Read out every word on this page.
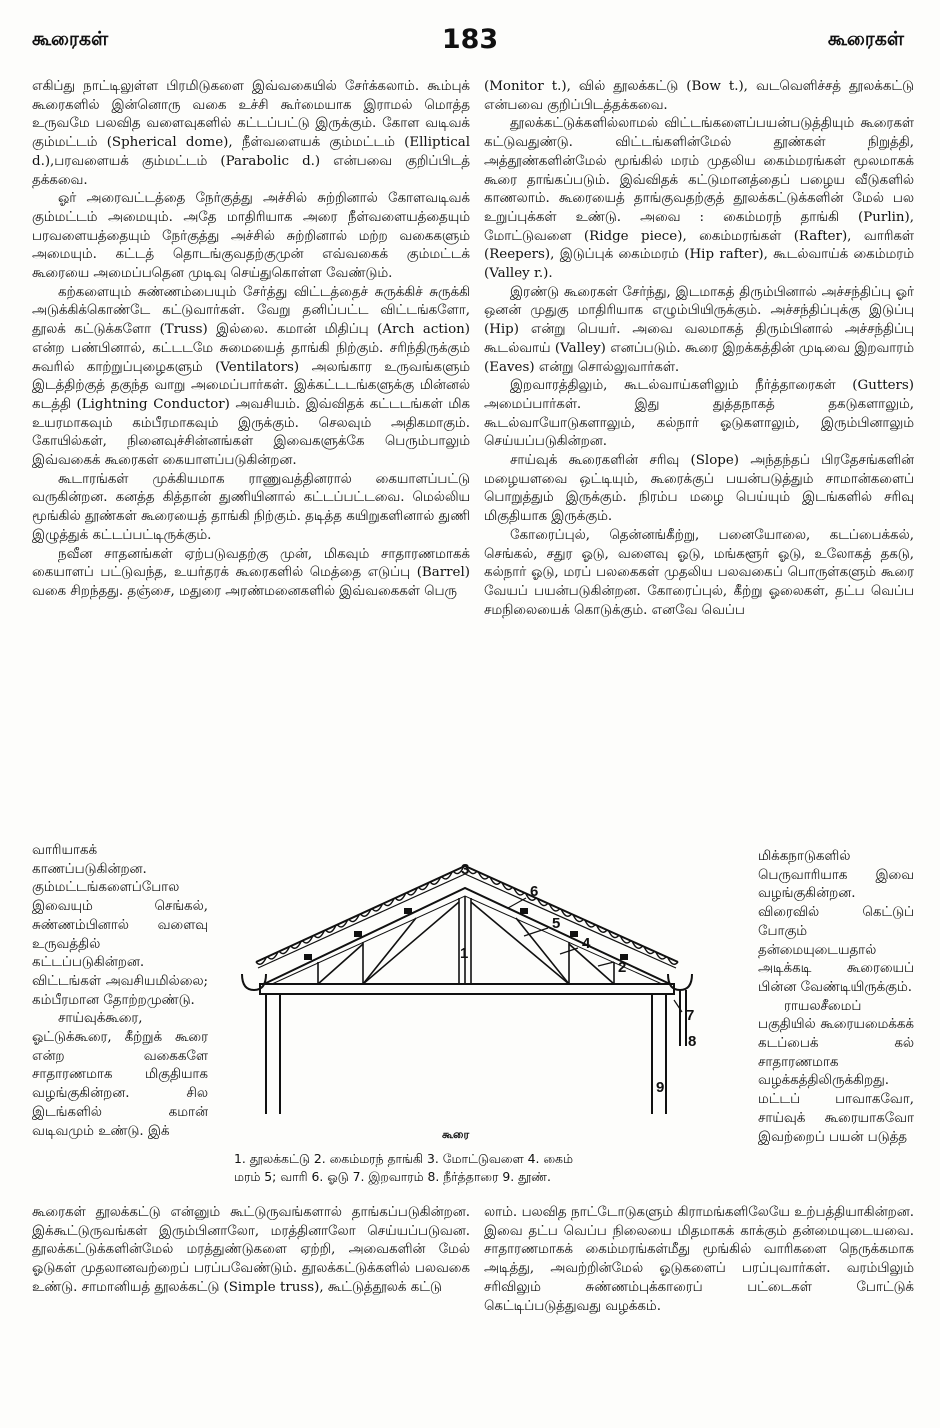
கூரைகள்	183	கூரைகள்

எகிப்து நாட்டிலுள்ள பிரமிடுகளை இவ்வகையில் சேர்க்கலாம். கூம்புக் கூரைகளில் இன்னொரு வகை உச்சி கூர்மையாக இராமல் மொத்த உருவமே பலவித வளைவுகளில் கட்டப்பட்டு இருக்கும். கோள வடிவக் கும்மட்டம் (Spherical dome), நீள்வளையக் கும்மட்டம் (Elliptical d.),பரவளையக் கும்மட்டம் (Parabolic d.) என்பவை குறிப்பிடத் தக்கவை.

ஓர் அரைவட்டத்தை நேர்குத்து அச்சில் சுற்றினால் கோளவடிவக் கும்மட்டம் அமையும். அதே மாதிரியாக அரை நீள்வளையத்தையும் பரவளையத்தையும் நேர்குத்து அச்சில் சுற்றினால் மற்ற வகைகளும் அமையும். கட்டத் தொடங்குவதற்குமுன் எவ்வகைக் கும்மட்டக் கூரையை அமைப்பதென முடிவு செய்துகொள்ள வேண்டும்.

கற்களையும் சுண்ணம்பையும் சேர்த்து விட்டத்தைச் சுருக்கிச் சுருக்கி அடுக்கிக்கொண்டே கட்டுவார்கள். வேறு தனிப்பட்ட விட்டங்களோ, தூலக் கட்டுக்களோ (Truss) இல்லை. கமான் மிதிப்பு (Arch action) என்ற பண்பினால், கட்டடமே சுமையைத் தாங்கி நிற்கும். சரிந்திருக்கும் சுவரில் காற்றுப்புழைகளும் (Ventilators) அலங்கார உருவங்களும் இடத்திற்குத் தகுந்த வாறு அமைப்பார்கள். இக்கட்டடங்களுக்கு மின்னல் கடத்தி (Lightning Conductor) அவசியம். இவ்விதக் கட்டடங்கள் மிக உயரமாகவும் கம்பீரமாகவும் இருக்கும். செலவும் அதிகமாகும். கோயில்கள், நினைவுச்சின்னங்கள் இவைகளுக்கே பெரும்பாலும் இவ்வகைக் கூரைகள் கையாளப்படுகின்றன.

கூடாரங்கள் முக்கியமாக ராணுவத்தினரால் கையாளப்பட்டு வருகின்றன. கனத்த கித்தான் துணியினால் கட்டப்பட்டவை. மெல்லிய மூங்கில் தூண்கள் கூரையைத் தாங்கி நிற்கும். தடித்த கயிறுகளினால் துணி இழுத்துக் கட்டப்பட்டிருக்கும்.

நவீன சாதனங்கள் ஏற்படுவதற்கு முன், மிகவும் சாதாரணமாகக் கையாளப் பட்டுவந்த, உயர்தரக் கூரைகளில் மெத்தை எடுப்பு (Barrel) வகை சிறந்தது. தஞ்சை, மதுரை அரண்மனைகளில் இவ்வகைகள் பெரு

(Monitor t.), வில் தூலக்கட்டு (Bow t.), வடவெளிச்சத் தூலக்கட்டு என்பவை குறிப்பிடத்தக்கவை.

தூலக்கட்டுக்களில்லாமல் விட்டங்களைப்பயன்படுத்தியும் கூரைகள் கட்டுவதுண்டு. விட்டங்களின்மேல் தூண்கள் நிறுத்தி, அத்தூண்களின்மேல் மூங்கில் மரம் முதலிய கைம்மரங்கள் மூலமாகக் கூரை தாங்கப்படும். இவ்விதக் கட்டுமானத்தைப் பழைய வீடுகளில் காணலாம். கூரையைத் தாங்குவதற்குத் தூலக்கட்டுக்களின் மேல் பல உறுப்புக்கள் உண்டு. அவை : கைம்மரந் தாங்கி (Purlin), மோட்டுவளை (Ridge piece), கைம்மரங்கள் (Rafter), வாரிகள் (Reepers), இடுப்புக் கைம்மரம் (Hip rafter), கூடல்வாய்க் கைம்மரம் (Valley r.).

இரண்டு கூரைகள் சேர்ந்து, இடமாகத் திரும்பினால் அச்சந்திப்பு ஓர் ஒனன் முதுகு மாதிரியாக எழும்பியிருக்கும். அச்சந்திப்புக்கு இடுப்பு (Hip) என்று பெயர். அவை வலமாகத் திரும்பினால் அச்சந்திப்பு கூடல்வாய் (Valley) எனப்படும். கூரை இறக்கத்தின் முடிவை இறவாரம் (Eaves) என்று சொல்லுவார்கள்.

இறவாரத்திலும், கூடல்வாய்களிலும் நீர்த்தாரைகள் (Gutters) அமைப்பார்கள். இது துத்தநாகத் தகடுகளாலும், கூடல்வாயோடுகளாலும், கல்நார் ஓடுகளாலும், இரும்பினாலும் செய்யப்படுகின்றன.

சாய்வுக் கூரைகளின் சரிவு (Slope) அந்தந்தப் பிரதேசங்களின் மழையளவை ஒட்டியும், கூரைக்குப் பயன்படுத்தும் சாமான்களைப் பொறுத்தும் இருக்கும். நிரம்ப மழை பெய்யும் இடங்களில் சரிவு மிகுதியாக இருக்கும்.

கோரைப்புல், தென்னங்கீற்று, பனையோலை, கடப்பைக்கல், செங்கல், சதுர ஓடு, வளைவு ஓடு, மங்களூர் ஓடு, உலோகத் தகடு, கல்நார் ஓடு, மரப் பலகைகள் முதலிய பலவகைப் பொருள்களும் கூரை வேயப் பயன்படுகின்றன. கோரைப்புல், கீற்று ஓலைகள், தட்ப வெப்ப சமநிலையைக் கொடுக்கும். எனவே வெப்ப

வாரியாகக் காணப்படுகின்றன. கும்மட்டங்களைப்போல இவையும் செங்கல், சுண்ணம்பினால் வளைவு உருவத்தில் கட்டப்படுகின்றன. விட்டங்கள் அவசியமில்லை; கம்பீரமான தோற்றமுண்டு.

சாய்வுக்கூரை, ஓட்டுக்கூரை, கீற்றுக் கூரை என்ற வகைகளே சாதாரணமாக மிகுதியாக வழங்குகின்றன. சில இடங்களில் கமான் வடிவமும் உண்டு. இக்

மிக்கநாடுகளில் பெருவாரியாக இவை வழங்குகின்றன. விரைவில் கெட்டுப் போகும் தன்மையுடையதால் அடிக்கடி கூரையைப் பின்ன வேண்டியிருக்கும்.

ராயலசீமைப் பகுதியில் கூரையமைக்கக் கடப்பைக் கல் சாதாரணமாக வழக்கத்திலிருக்கிறது. மட்டப் பாவாகவோ, சாய்வுக் கூரையாகவோ இவற்றைப் பயன் படுத்த

3
6
5
4
1
2
7
8
9
கூரை
1. தூலக்கட்டு 2. கைம்மரந் தாங்கி 3. மோட்டுவளை 4. கைம்
மரம் 5; வாரி 6. ஓடு 7. இறவாரம் 8. நீர்த்தாரை 9. தூண்.

கூரைகள் தூலக்கட்டு என்னும் கூட்டுருவங்களால் தாங்கப்படுகின்றன. இக்கூட்டுருவங்கள் இரும்பினாலோ, மரத்தினாலோ செய்யப்படுவன. தூலக்கட்டுக்களின்மேல் மரத்துண்டுகளை ஏற்றி, அவைகளின் மேல் ஓடுகள் முதலானவற்றைப் பரப்பவேண்டும். தூலக்கட்டுக்களில் பலவகை உண்டு. சாமானியத் தூலக்கட்டு (Simple truss), கூட்டுத்தூலக் கட்டு

லாம். பலவித நாட்டோடுகளும் கிராமங்களிலேயே உற்பத்தியாகின்றன. இவை தட்ப வெப்ப நிலையை மிதமாகக் காக்கும் தன்மையுடையவை. சாதாரணமாகக் கைம்மரங்கள்மீது மூங்கில் வாரிகளை நெருக்கமாக அடித்து, அவற்றின்மேல் ஓடுகளைப் பரப்புவார்கள். வரம்பிலும் சரிவிலும் சுண்ணம்புக்காரைப் பட்டைகள் போட்டுக் கெட்டிப்படுத்துவது வழக்கம்.
